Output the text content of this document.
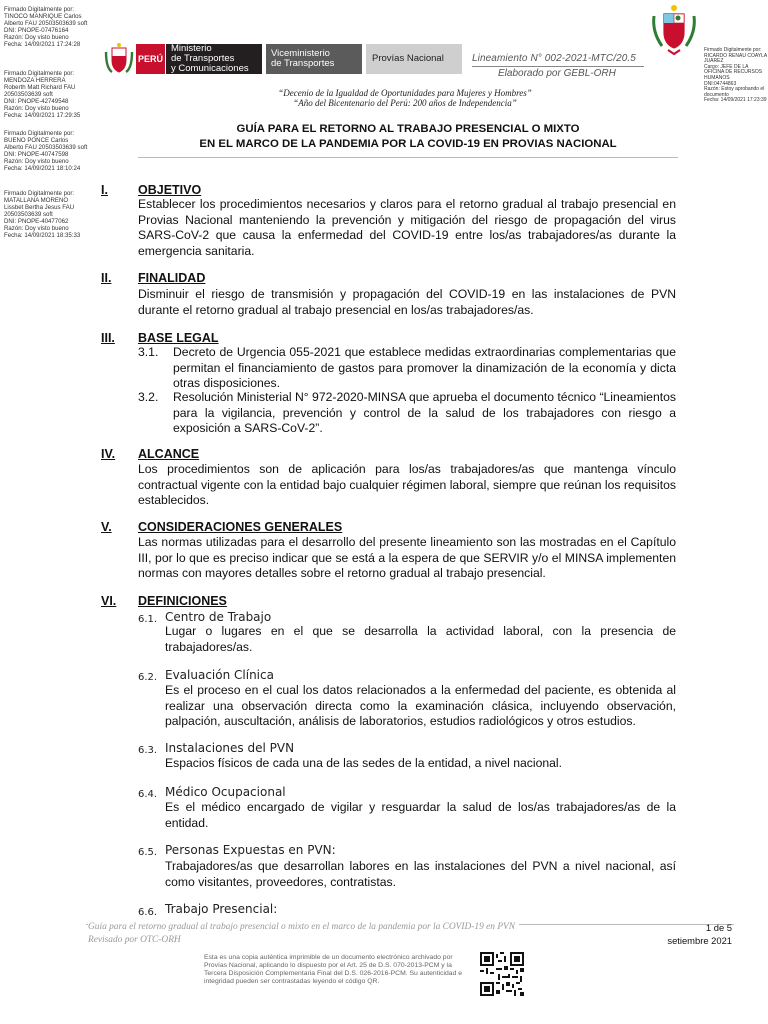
Firmado Digitalmente por:
TINOCO MANRIQUE Carlos
Alberto FAU 20503503639 soft
DNI: PNOPE-07476164
Razón: Doy visto bueno
Fecha: 14/09/2021 17:24:28
Firmado Digitalmente por:
MENDOZA HERRERA
Roberth Matt Richard FAU
20503503639 soft
DNI: PNOPE-42749548
Razón: Doy visto bueno
Fecha: 14/09/2021 17:29:35
Firmado Digitalmente por:
BUENO PONCE Carlos
Alberto FAU 20503503639 soft
DNI: PNOPE-40747598
Razón: Doy visto bueno
Fecha: 14/09/2021 18:10:24
Firmado Digitalmente por:
MATALLANA MORENO
Lissbet Bertha Jesus FAU
20503503639 soft
DNI: PNOPE-40477062
Razón: Doy visto bueno
Fecha: 14/09/2021 18:35:33
Firmado Digitalmente por:
RICARDO RENAU COAYLA
JUAREZ
Cargo: JEFE DE LA
OFICINA DE RECURSOS
HUMANOS
DNI:04744863
Razón: Estoy aprobando el
documento
Fecha: 14/09/2021 17:23:39
PERÚ
Ministerio
de Transportes
y Comunicaciones
Viceministerio
de Transportes	Provías Nacional	Lineamiento N° 002-2021-MTC/20.5
Elaborado por GEBL-ORH
“Decenio de la Igualdad de Oportunidades para Mujeres y Hombres”
“Año del Bicentenario del Perú: 200 años de Independencia”
GUÍA PARA EL RETORNO AL TRABAJO PRESENCIAL O MIXTO
EN EL MARCO DE LA PANDEMIA POR LA COVID-19 EN PROVIAS NACIONAL
I. OBJETIVO
Establecer los procedimientos necesarios y claros para el retorno gradual al trabajo presencial en Provias Nacional manteniendo la prevención y mitigación del riesgo de propagación del virus SARS-CoV-2 que causa la enfermedad del COVID-19 entre los/as trabajadores/as durante la emergencia sanitaria.
II. FINALIDAD
Disminuir el riesgo de transmisión y propagación del COVID-19 en las instalaciones de PVN durante el retorno gradual al trabajo presencial en los/as trabajadores/as.
III. BASE LEGAL
3.1. Decreto de Urgencia 055-2021 que establece medidas extraordinarias complementarias que permitan el financiamiento de gastos para promover la dinamización de la economía y dicta otras disposiciones.
3.2. Resolución Ministerial N° 972-2020-MINSA que aprueba el documento técnico “Lineamientos para la vigilancia, prevención y control de la salud de los trabajadores con riesgo a exposición a SARS-CoV-2”.
IV. ALCANCE
Los procedimientos son de aplicación para los/as trabajadores/as que mantenga vínculo contractual vigente con la entidad bajo cualquier régimen laboral, siempre que reúnan los requisitos establecidos.
V. CONSIDERACIONES GENERALES
Las normas utilizadas para el desarrollo del presente lineamiento son las mostradas en el Capítulo III, por lo que es preciso indicar que se está a la espera de que SERVIR y/o el MINSA implementen normas con mayores detalles sobre el retorno gradual al trabajo presencial.
VI. DEFINICIONES
6.1. Centro de Trabajo
Lugar o lugares en el que se desarrolla la actividad laboral, con la presencia de trabajadores/as.
6.2. Evaluación Clínica
Es el proceso en el cual los datos relacionados a la enfermedad del paciente, es obtenida al realizar una observación directa como la examinación clásica, incluyendo observación, palpación, auscultación, análisis de laboratorios, estudios radiológicos y otros estudios.
6.3. Instalaciones del PVN
Espacios físicos de cada una de las sedes de la entidad, a nivel nacional.
6.4. Médico Ocupacional
Es el médico encargado de vigilar y resguardar la salud de los/as trabajadores/as de la entidad.
6.5. Personas Expuestas en PVN:
Trabajadores/as que desarrollan labores en las instalaciones del PVN a nivel nacional, así como visitantes, proveedores, contratistas.
6.6. Trabajo Presencial:
Guía para el retorno gradual al trabajo presencial o mixto en el marco de la pandemia por la COVID-19 en PVN
Revisado por OTC-ORH
1 de 5
setiembre 2021
Esta es una copia auténtica imprimible de un documento electrónico archivado por Provías Nacional, aplicando lo dispuesto por el Art. 25 de D.S. 070-2013-PCM y la Tercera Disposición Complementaria Final del D.S. 026-2016-PCM. Su autenticidad e integridad pueden ser contrastadas leyendo el código QR.
